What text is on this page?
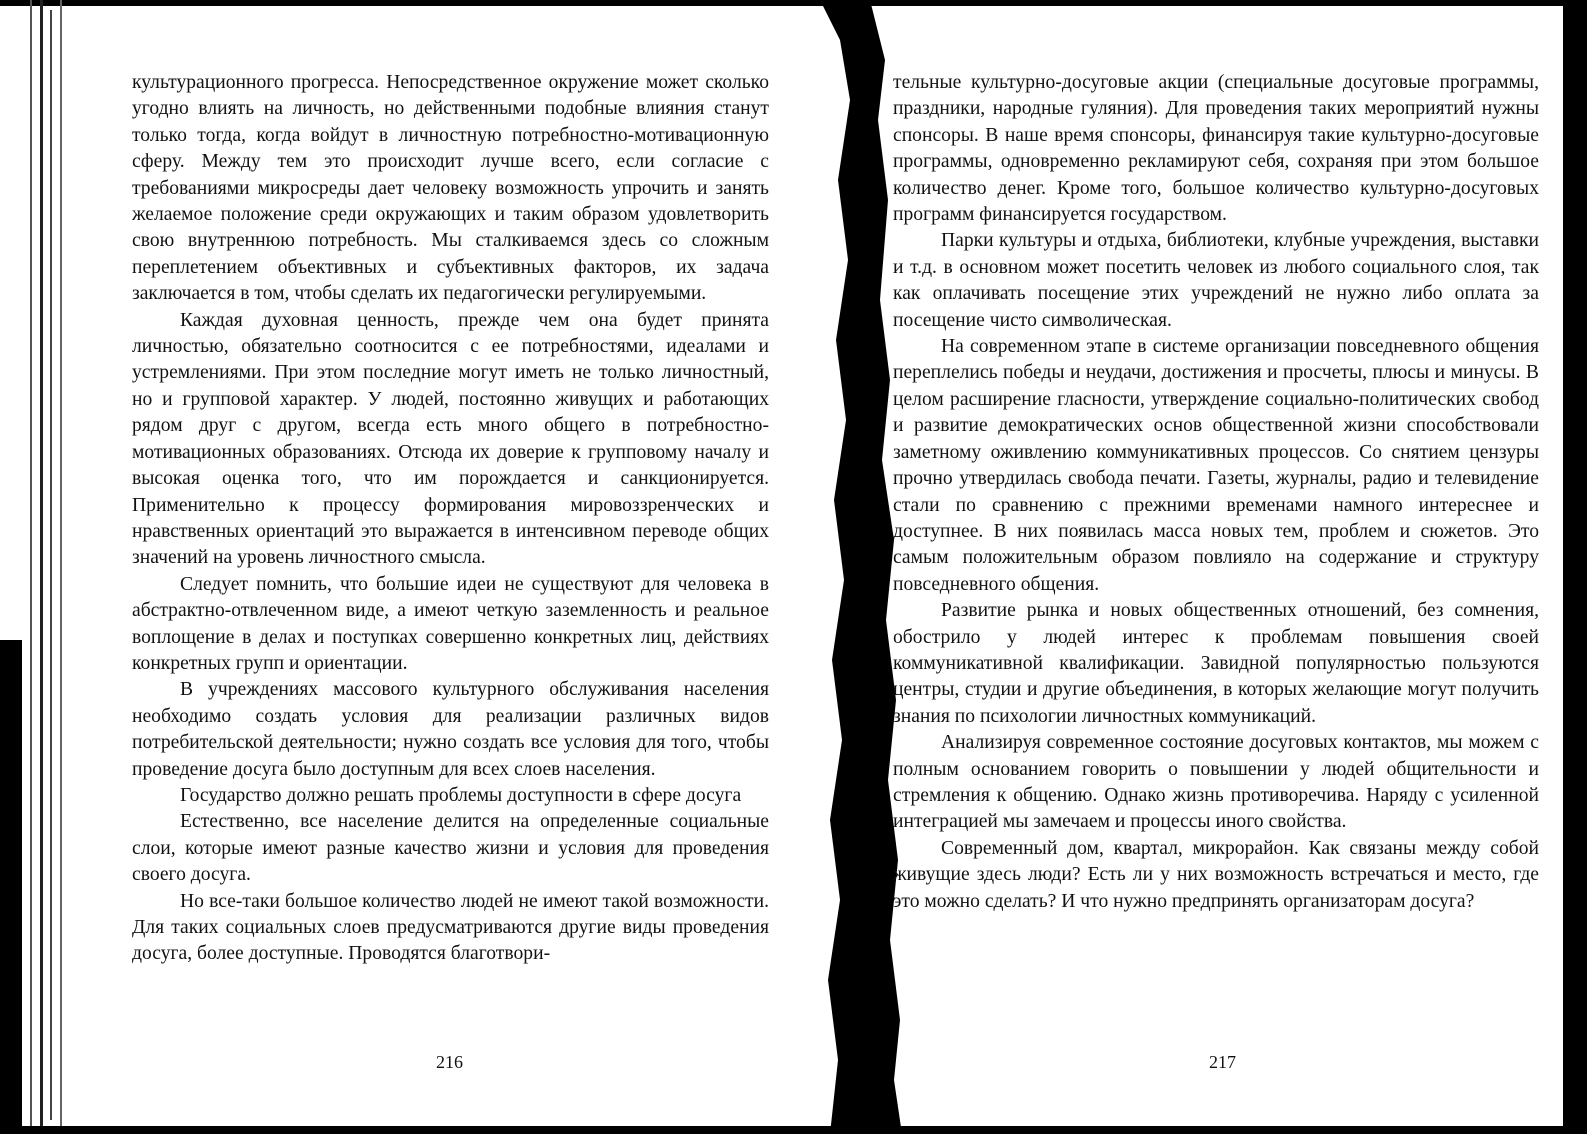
культурационного прогресса. Непосредственное окружение может сколько угодно влиять на личность, но действенными подобные влияния станут только тогда, когда войдут в личностную потребностно-мотивационную сферу. Между тем это происходит лучше всего, если согласие с требованиями микросреды дает человеку возможность упрочить и занять желаемое положение среди окружающих и таким образом удовлетворить свою внутреннюю потребность. Мы сталкиваемся здесь со сложным переплетением объективных и субъективных факторов, их задача заключается в том, чтобы сделать их педагогически регулируемыми.

Каждая духовная ценность, прежде чем она будет принята личностью, обязательно соотносится с ее потребностями, идеалами и устремлениями. При этом последние могут иметь не только личностный, но и групповой характер. У людей, постоянно живущих и работающих рядом друг с другом, всегда есть много общего в потребностно-мотивационных образованиях. Отсюда их доверие к групповому началу и высокая оценка того, что им порождается и санкционируется. Применительно к процессу формирования мировоззренческих и нравственных ориентаций это выражается в интенсивном переводе общих значений на уровень личностного смысла.

Следует помнить, что большие идеи не существуют для человека в абстрактно-отвлеченном виде, а имеют четкую заземленность и реальное воплощение в делах и поступках совершенно конкретных лиц, действиях конкретных групп и ориентации.

В учреждениях массового культурного обслуживания населения необходимо создать условия для реализации различных видов потребительской деятельности; нужно создать все условия для того, чтобы проведение досуга было доступным для всех слоев населения.

Государство должно решать проблемы доступности в сфере досуга

Естественно, все население делится на определенные социальные слои, которые имеют разные качество жизни и условия для проведения своего досуга.

Но все-таки большое количество людей не имеют такой возможности. Для таких социальных слоев предусматриваются другие виды проведения досуга, более доступные. Проводятся благотвори-

216

тельные культурно-досуговые акции (специальные досуговые программы, праздники, народные гуляния). Для проведения таких мероприятий нужны спонсоры. В наше время спонсоры, финансируя такие культурно-досуговые программы, одновременно рекламируют себя, сохраняя при этом большое количество денег. Кроме того, большое количество культурно-досуговых программ финансируется государством.

Парки культуры и отдыха, библиотеки, клубные учреждения, выставки и т.д. в основном может посетить человек из любого социального слоя, так как оплачивать посещение этих учреждений не нужно либо оплата за посещение чисто символическая.

На современном этапе в системе организации повседневного общения переплелись победы и неудачи, достижения и просчеты, плюсы и минусы. В целом расширение гласности, утверждение социально-политических свобод и развитие демократических основ общественной жизни способствовали заметному оживлению коммуникативных процессов. Со снятием цензуры прочно утвердилась свобода печати. Газеты, журналы, радио и телевидение стали по сравнению с прежними временами намного интереснее и доступнее. В них появилась масса новых тем, проблем и сюжетов. Это самым положительным образом повлияло на содержание и структуру повседневного общения.

Развитие рынка и новых общественных отношений, без сомнения, обострило у людей интерес к проблемам повышения своей коммуникативной квалификации. Завидной популярностью пользуются центры, студии и другие объединения, в которых желающие могут получить знания по психологии личностных коммуникаций.

Анализируя современное состояние досуговых контактов, мы можем с полным основанием говорить о повышении у людей общительности и стремления к общению. Однако жизнь противоречива. Наряду с усиленной интеграцией мы замечаем и процессы иного свойства.

Современный дом, квартал, микрорайон. Как связаны между собой живущие здесь люди? Есть ли у них возможность встречаться и место, где это можно сделать? И что нужно предпринять организаторам досуга?

217
